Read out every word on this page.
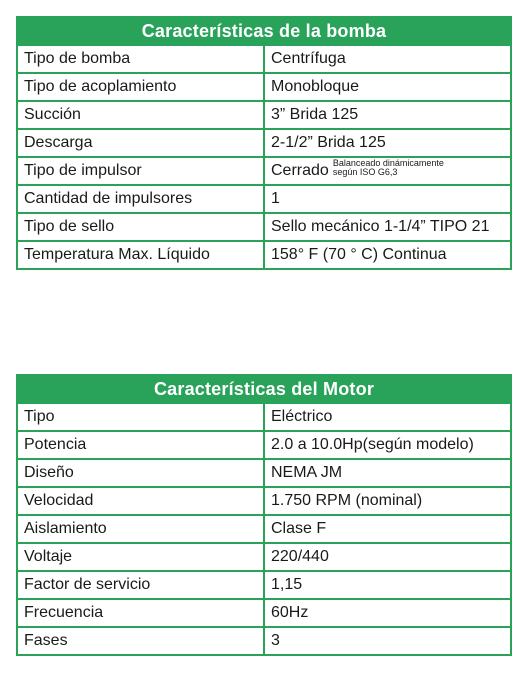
Características de la bomba	
Tipo de bomba	Centrífuga
Tipo de acoplamiento	Monobloque
Succión	3” Brida 125
Descarga	2-1/2” Brida 125
Tipo de impulsor	Cerrado Balanceado dinámicamente
según ISO G6,3
Cantidad de impulsores	1
Tipo de sello	Sello mecánico 1-1/4” TIPO 21
Temperatura Max. Líquido	158° F (70 ° C) Continua
Características del Motor	
Tipo	Eléctrico
Potencia	2.0 a 10.0Hp(según modelo)
Diseño	NEMA JM
Velocidad	1.750 RPM (nominal)
Aislamiento	Clase F
Voltaje	220/440
Factor de servicio	1,15
Frecuencia	60Hz
Fases	3
